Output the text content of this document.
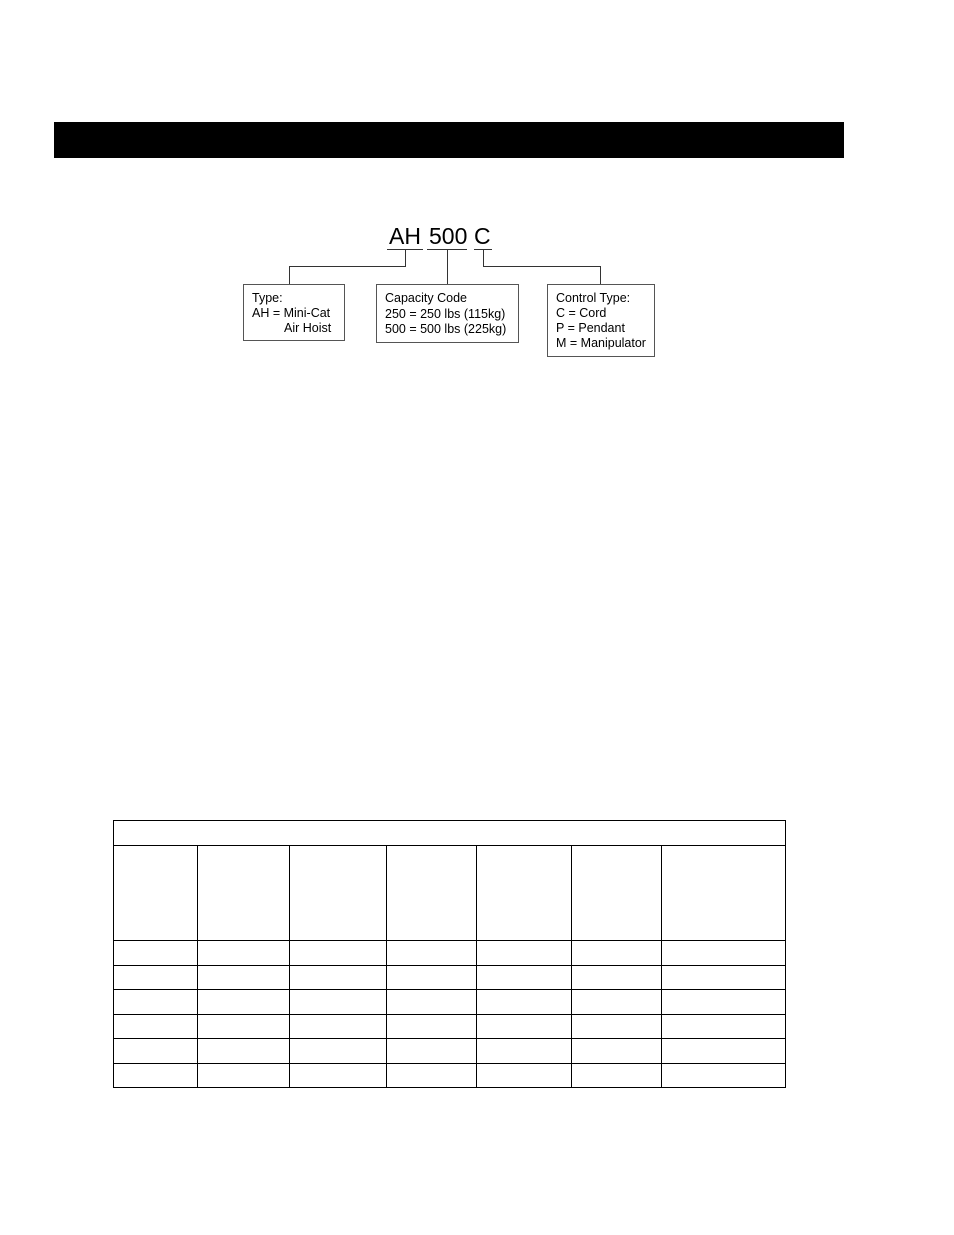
AH 500 C
Type:
AH = Mini-Cat
Air Hoist
Capacity Code
250 = 250 lbs (115kg)
500 = 500 lbs (225kg)
Control Type:
C = Cord
P = Pendant
M = Manipulator
